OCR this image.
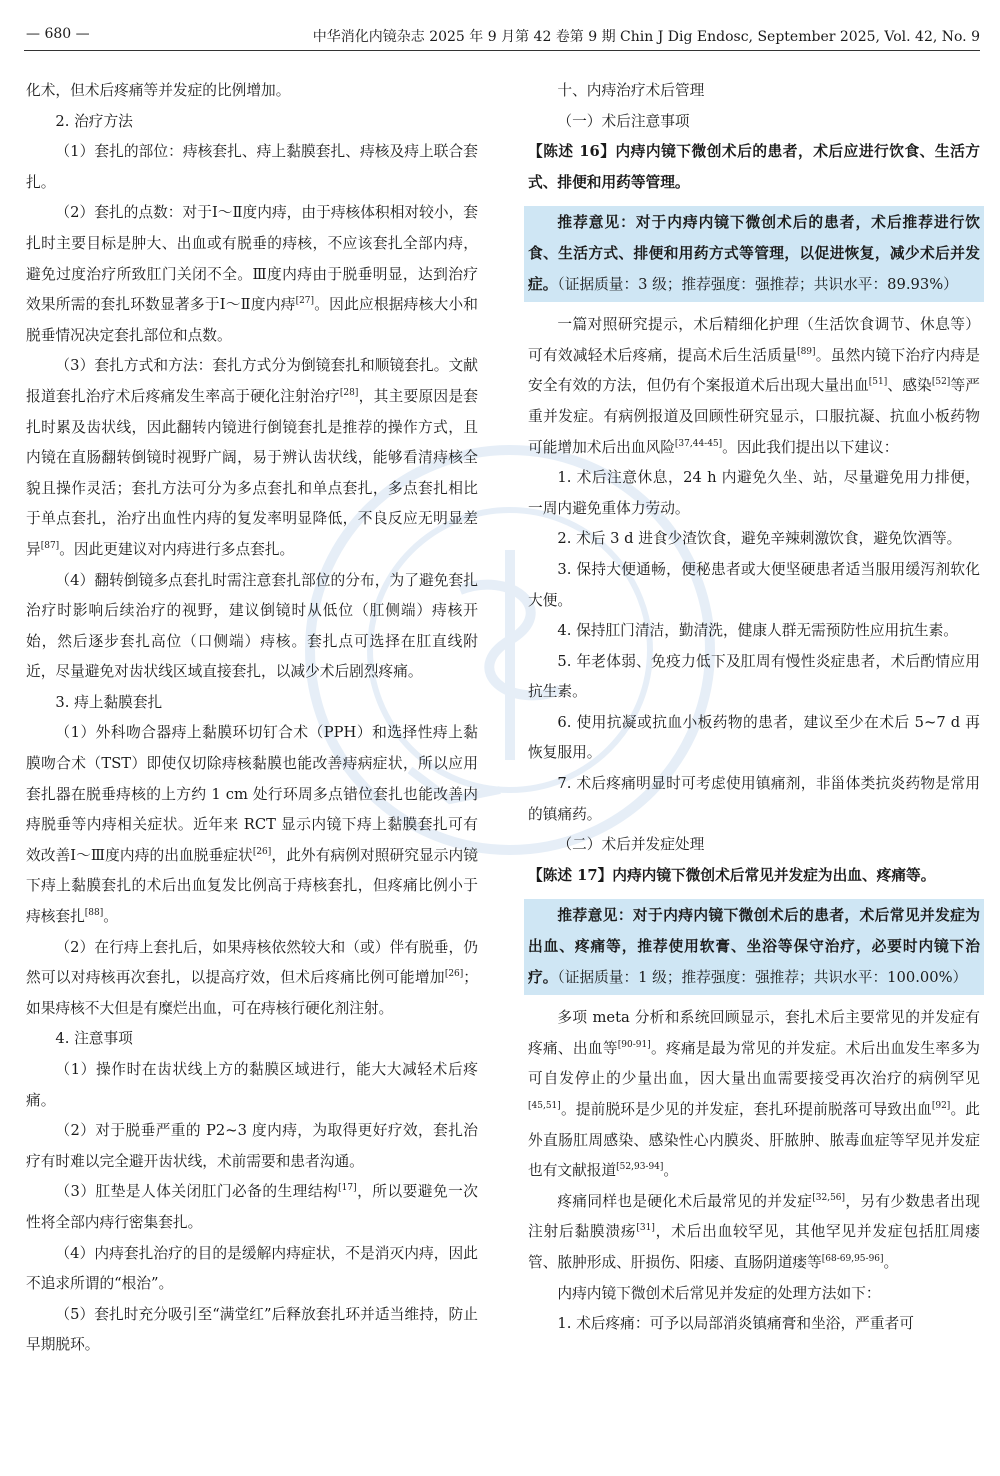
— 680 —	中华消化内镜杂志 2025 年 9 月第 42 卷第 9 期 Chin J Dig Endosc, September 2025, Vol. 42, No. 9

化术，但术后疼痛等并发症的比例增加。

2. 治疗方法

（1）套扎的部位：痔核套扎、痔上黏膜套扎、痔核及痔上联合套扎。

（2）套扎的点数：对于Ⅰ～Ⅱ度内痔，由于痔核体积相对较小，套扎时主要目标是肿大、出血或有脱垂的痔核，不应该套扎全部内痔，避免过度治疗所致肛门关闭不全。Ⅲ度内痔由于脱垂明显，达到治疗效果所需的套扎环数显著多于Ⅰ～Ⅱ度内痔[27]。因此应根据痔核大小和脱垂情况决定套扎部位和点数。

（3）套扎方式和方法：套扎方式分为倒镜套扎和顺镜套扎。文献报道套扎治疗术后疼痛发生率高于硬化注射治疗[28]，其主要原因是套扎时累及齿状线，因此翻转内镜进行倒镜套扎是推荐的操作方式，且内镜在直肠翻转倒镜时视野广阔，易于辨认齿状线，能够看清痔核全貌且操作灵活；套扎方法可分为多点套扎和单点套扎，多点套扎相比于单点套扎，治疗出血性内痔的复发率明显降低，不良反应无明显差异[87]。因此更建议对内痔进行多点套扎。

（4）翻转倒镜多点套扎时需注意套扎部位的分布，为了避免套扎治疗时影响后续治疗的视野，建议倒镜时从低位（肛侧端）痔核开始，然后逐步套扎高位（口侧端）痔核。套扎点可选择在肛直线附近，尽量避免对齿状线区域直接套扎，以减少术后剧烈疼痛。

3. 痔上黏膜套扎

（1）外科吻合器痔上黏膜环切钉合术（PPH）和选择性痔上黏膜吻合术（TST）即使仅切除痔核黏膜也能改善痔病症状，所以应用套扎器在脱垂痔核的上方约 1 cm 处行环周多点错位套扎也能改善内痔脱垂等内痔相关症状。近年来 RCT 显示内镜下痔上黏膜套扎可有效改善Ⅰ～Ⅲ度内痔的出血脱垂症状[26]，此外有病例对照研究显示内镜下痔上黏膜套扎的术后出血复发比例高于痔核套扎，但疼痛比例小于痔核套扎[88]。

（2）在行痔上套扎后，如果痔核依然较大和（或）伴有脱垂，仍然可以对痔核再次套扎，以提高疗效，但术后疼痛比例可能增加[26]；如果痔核不大但是有糜烂出血，可在痔核行硬化剂注射。

4. 注意事项

（1）操作时在齿状线上方的黏膜区域进行，能大大减轻术后疼痛。

（2）对于脱垂严重的 P2~3 度内痔，为取得更好疗效，套扎治疗有时难以完全避开齿状线，术前需要和患者沟通。

（3）肛垫是人体关闭肛门必备的生理结构[17]，所以要避免一次性将全部内痔行密集套扎。

（4）内痔套扎治疗的目的是缓解内痔症状，不是消灭内痔，因此不追求所谓的“根治”。

（5）套扎时充分吸引至“满堂红”后释放套扎环并适当维持，防止早期脱环。

十、内痔治疗术后管理

（一）术后注意事项

【陈述 16】内痔内镜下微创术后的患者，术后应进行饮食、生活方式、排便和用药等管理。

推荐意见：对于内痔内镜下微创术后的患者，术后推荐进行饮食、生活方式、排便和用药方式等管理，以促进恢复，减少术后并发症。（证据质量：3 级；推荐强度：强推荐；共识水平：89.93%）

一篇对照研究提示，术后精细化护理（生活饮食调节、休息等）可有效减轻术后疼痛，提高术后生活质量[89]。虽然内镜下治疗内痔是安全有效的方法，但仍有个案报道术后出现大量出血[51]、感染[52]等严重并发症。有病例报道及回顾性研究显示，口服抗凝、抗血小板药物可能增加术后出血风险[37,44-45]。因此我们提出以下建议：

1. 术后注意休息，24 h 内避免久坐、站，尽量避免用力排便，一周内避免重体力劳动。

2. 术后 3 d 进食少渣饮食，避免辛辣刺激饮食，避免饮酒等。

3. 保持大便通畅，便秘患者或大便坚硬患者适当服用缓泻剂软化大便。

4. 保持肛门清洁，勤清洗，健康人群无需预防性应用抗生素。

5. 年老体弱、免疫力低下及肛周有慢性炎症患者，术后酌情应用抗生素。

6. 使用抗凝或抗血小板药物的患者，建议至少在术后 5~7 d 再恢复服用。

7. 术后疼痛明显时可考虑使用镇痛剂，非甾体类抗炎药物是常用的镇痛药。

（二）术后并发症处理

【陈述 17】内痔内镜下微创术后常见并发症为出血、疼痛等。

推荐意见：对于内痔内镜下微创术后的患者，术后常见并发症为出血、疼痛等，推荐使用软膏、坐浴等保守治疗，必要时内镜下治疗。（证据质量：1 级；推荐强度：强推荐；共识水平：100.00%）

多项 meta 分析和系统回顾显示，套扎术后主要常见的并发症有疼痛、出血等[90-91]。疼痛是最为常见的并发症。术后出血发生率多为可自发停止的少量出血，因大量出血需要接受再次治疗的病例罕见[45,51]。提前脱环是少见的并发症，套扎环提前脱落可导致出血[92]。此外直肠肛周感染、感染性心内膜炎、肝脓肿、脓毒血症等罕见并发症也有文献报道[52,93-94]。

疼痛同样也是硬化术后最常见的并发症[32,56]，另有少数患者出现注射后黏膜溃疡[31]，术后出血较罕见，其他罕见并发症包括肛周瘘管、脓肿形成、肝损伤、阳痿、直肠阴道瘘等[68-69,95-96]。

内痔内镜下微创术后常见并发症的处理方法如下：

1. 术后疼痛：可予以局部消炎镇痛膏和坐浴，严重者可
